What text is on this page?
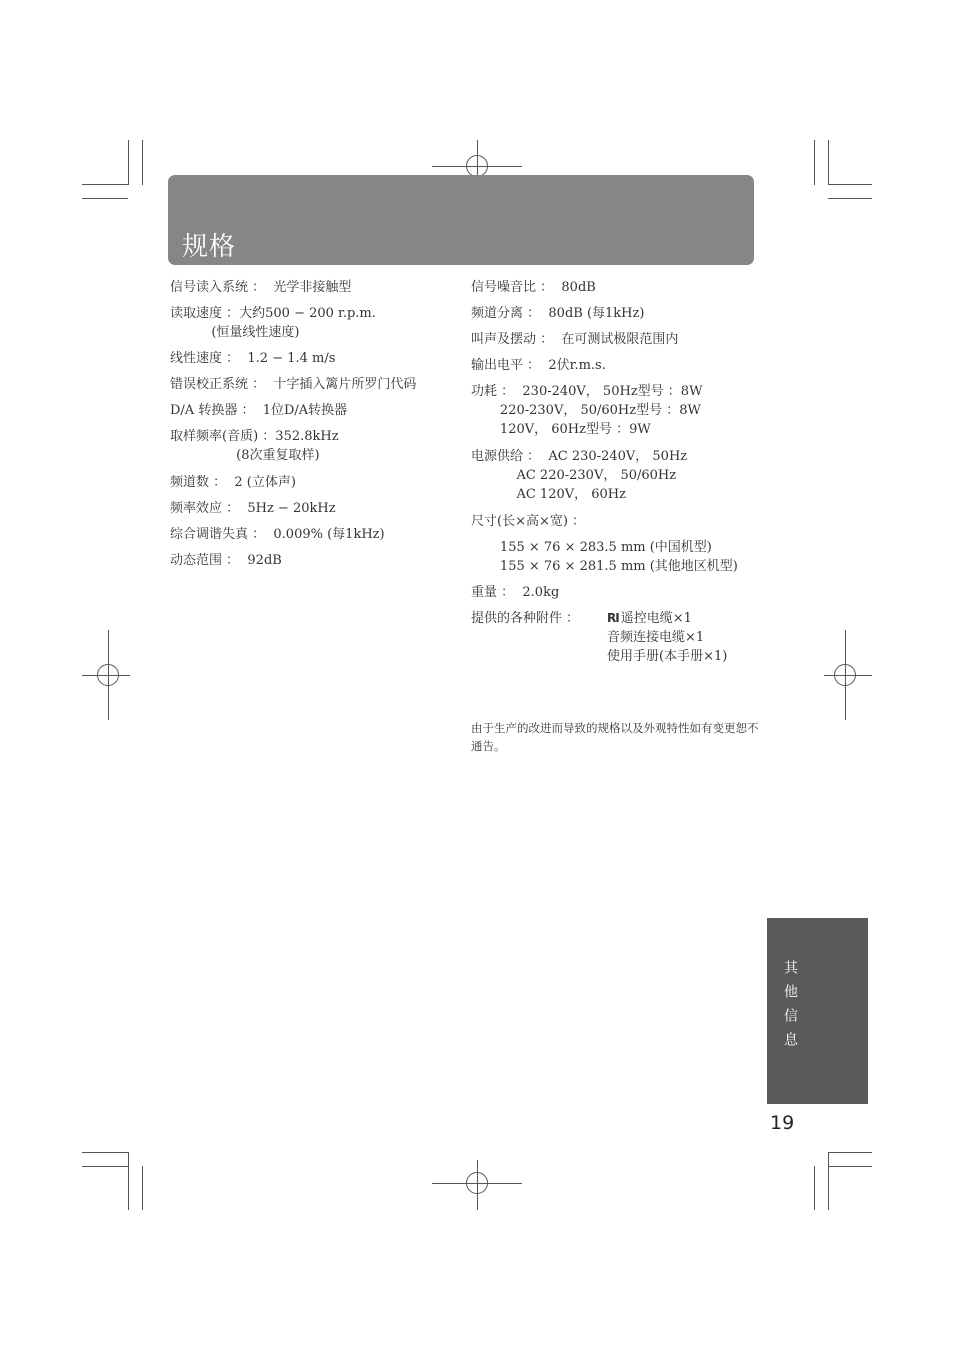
规格
信号读入系统 ：  光学非接触型
读取速度 ：大约500 − 200 r.p.m.
(恒量线性速度)
线性速度 ：  1.2 − 1.4 m/s
错误校正系统 ：  十字插入篱片所罗门代码
D/A 转换器 ：  1位D/A转换器
取样频率(音质) ：352.8kHz
(8次重复取样)
频道数 ：  2 (立体声)
频率效应 ：  5Hz − 20kHz
综合调谐失真 ：  0.009% (每1kHz)
动态范围 ：  92dB
信号噪音比 ：  80dB
频道分离 ：  80dB (每1kHz)
叫声及摆动 ：  在可测试极限范围内
输出电平 ：  2伏r.m.s.
功耗 ：  230-240V， 50Hz型号 ：8W
220-230V， 50/60Hz型号 ：8W
120V， 60Hz型号 ：9W
电源供给 ：  AC 230-240V， 50Hz
AC 220-230V， 50/60Hz
AC 120V， 60Hz
尺寸(长×高×宽) ：
155 × 76 × 283.5 mm (中国机型)
155 × 76 × 281.5 mm (其他地区机型)
重量 ：  2.0kg
提供的各种附件 ： RI 遥控电缆×1
音频连接电缆×1
使用手册(本手册×1)
由于生产的改进而导致的规格以及外观特性如有变更恕不通告。
其他信息
19
